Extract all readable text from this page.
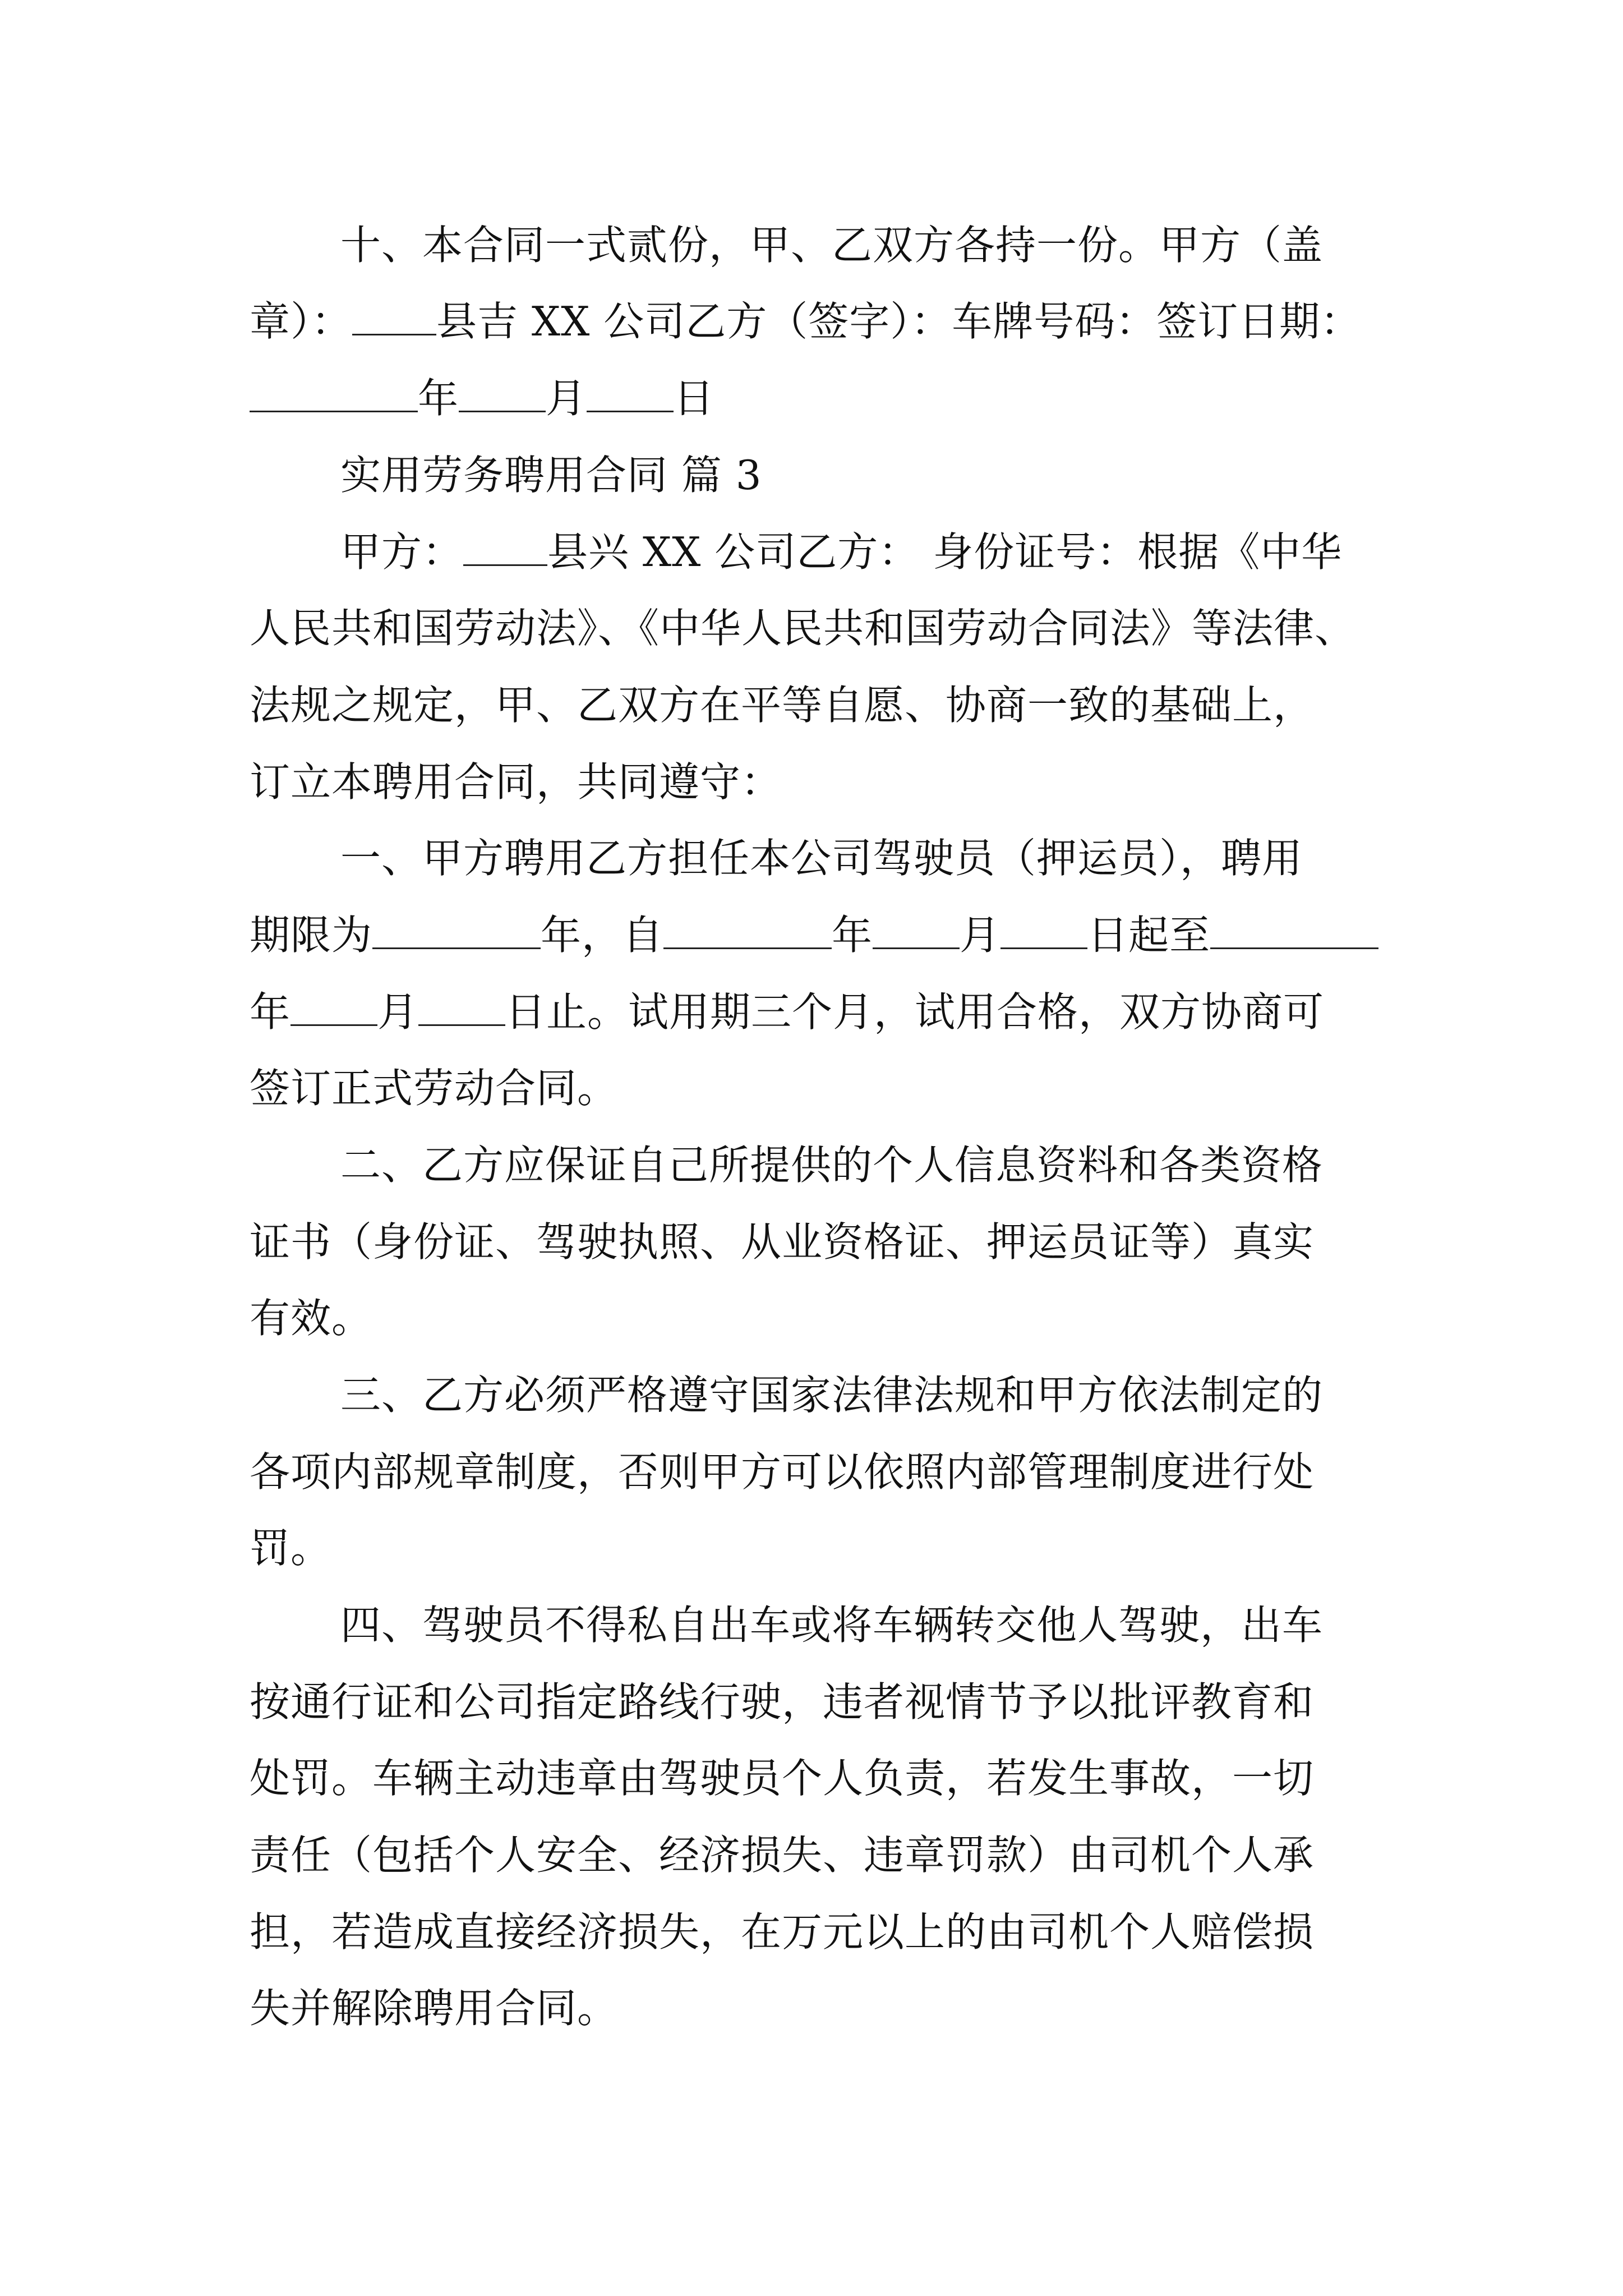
十、本合同一式贰份，甲、乙双方各持一份。甲方（盖

章）： 县吉 XX 公司乙方（签字）：车牌号码：签订日期：

年 月 日

实用劳务聘用合同 篇 3

甲方： 县兴 XX 公司乙方： 身份证号：根据《中华

人民共和国劳动法》、《中华人民共和国劳动合同法》等法律、

法规之规定，甲、乙双方在平等自愿、协商一致的基础上，

订立本聘用合同，共同遵守：

一、甲方聘用乙方担任本公司驾驶员（押运员），聘用

期限为	年，自	年 月 日起至

年 月 日止。试用期三个月，试用合格，双方协商可

签订正式劳动合同。

二、乙方应保证自己所提供的个人信息资料和各类资格

证书（身份证、驾驶执照、从业资格证、押运员证等）真实

有效。

三、乙方必须严格遵守国家法律法规和甲方依法制定的

各项内部规章制度，否则甲方可以依照内部管理制度进行处

罚。

四、驾驶员不得私自出车或将车辆转交他人驾驶，出车

按通行证和公司指定路线行驶，违者视情节予以批评教育和

处罚。车辆主动违章由驾驶员个人负责，若发生事故，一切

责任（包括个人安全、经济损失、违章罚款）由司机个人承

担，若造成直接经济损失，在万元以上的由司机个人赔偿损

失并解除聘用合同。
